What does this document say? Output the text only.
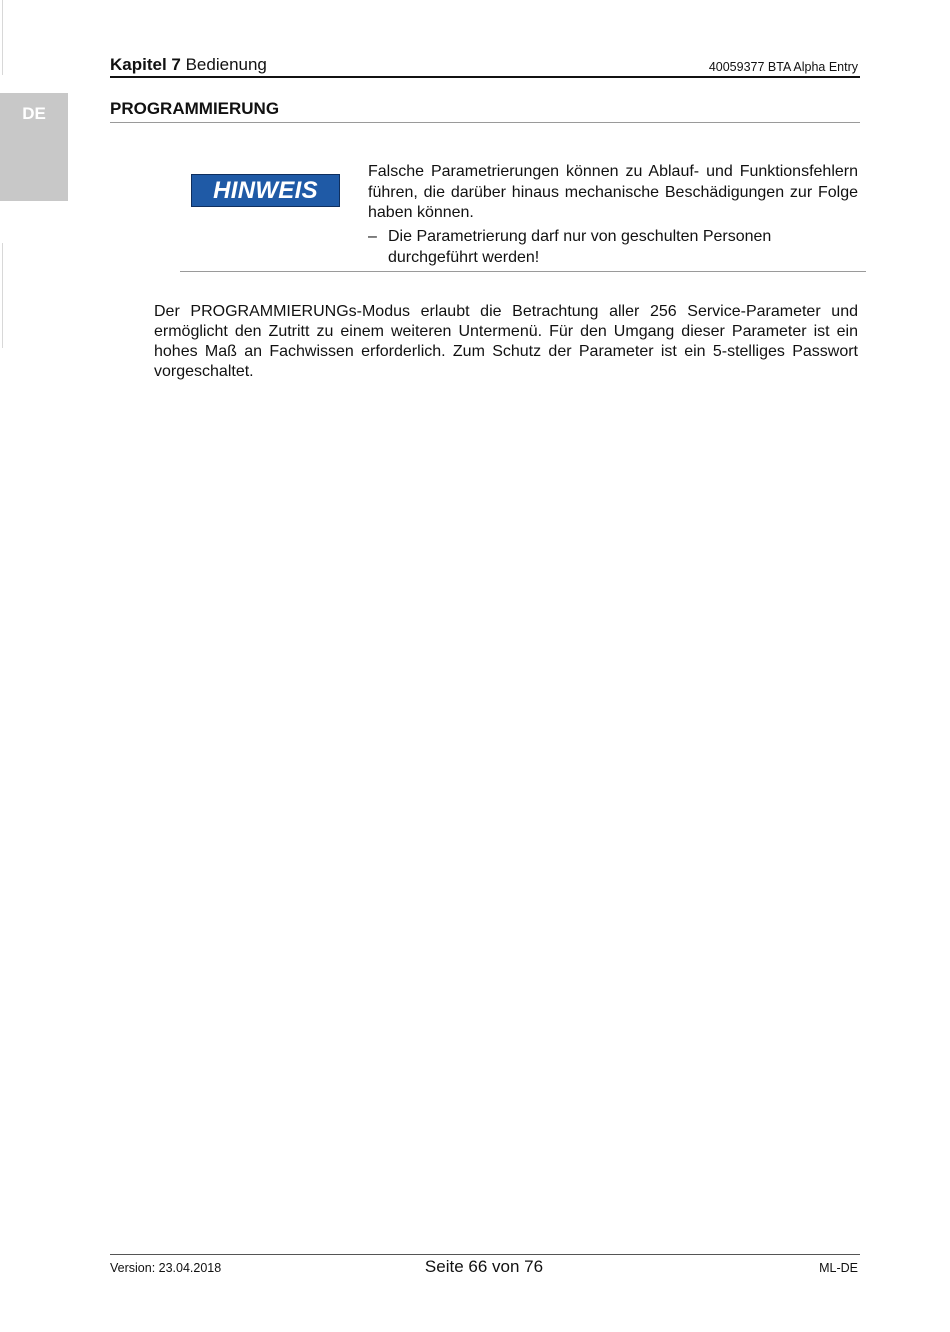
DE
Kapitel 7 Bedienung	40059377 BTA Alpha Entry
PROGRAMMIERUNG
HINWEIS
Falsche Parametrierungen können zu Ablauf- und Funktionsfehlern führen, die darüber hinaus mechanische Beschädigungen zur Folge haben können.
– Die Parametrierung darf nur von geschulten Personen durchgeführt werden!
Der PROGRAMMIERUNGs-Modus erlaubt die Betrachtung aller 256 Service-Parameter und ermöglicht den Zutritt zu einem weiteren Untermenü. Für den Umgang dieser Parameter ist ein hohes Maß an Fachwissen erforderlich. Zum Schutz der Parameter ist ein 5-stelliges Passwort vorgeschaltet.
Version: 23.04.2018	Seite 66 von 76	ML-DE
